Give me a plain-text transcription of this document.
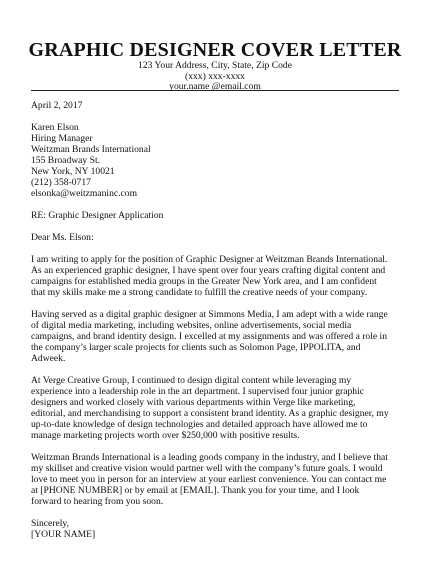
GRAPHIC DESIGNER COVER LETTER
123 Your Address, City, State, Zip Code
(xxx) xxx-xxxx
your.name @email.com
April 2, 2017
Karen Elson
Hiring Manager
Weitzman Brands International
155 Broadway St.
New York, NY 10021
(212) 358-0717
elsonka@weitzmaninc.com
RE: Graphic Designer Application
Dear Ms. Elson:
I am writing to apply for the position of Graphic Designer at Weitzman Brands International.
As an experienced graphic designer, I have spent over four years crafting digital content and
campaigns for established media groups in the Greater New York area, and I am confident
that my skills make me a strong candidate to fulfill the creative needs of your company.
Having served as a digital graphic designer at Simmons Media, I am adept with a wide range
of digital media marketing, including websites, online advertisements, social media
campaigns, and brand identity design. I excelled at my assignments and was offered a role in
the company’s larger scale projects for clients such as Solomon Page, IPPOLITA, and
Adweek.
At Verge Creative Group, I continued to design digital content while leveraging my
experience into a leadership role in the art department. I supervised four junior graphic
designers and worked closely with various departments within Verge like marketing,
editorial, and merchandising to support a consistent brand identity. As a graphic designer, my
up-to-date knowledge of design technologies and detailed approach have allowed me to
manage marketing projects worth over $250,000 with positive results.
Weitzman Brands International is a leading goods company in the industry, and I believe that
my skillset and creative vision would partner well with the company’s future goals. I would
love to meet you in person for an interview at your earliest convenience. You can contact me
at [PHONE NUMBER] or by email at [EMAIL]. Thank you for your time, and I look
forward to hearing from you soon.
Sincerely,
[YOUR NAME]
